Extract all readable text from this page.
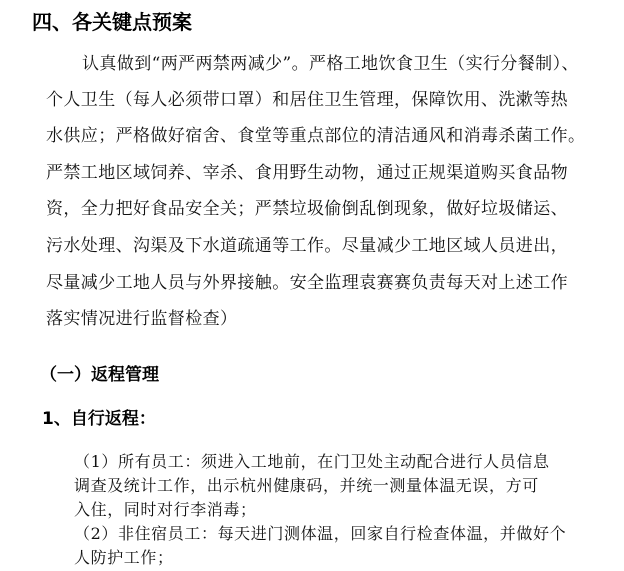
四、各关键点预案

认真做到“两严两禁两减少”。严格工地饮食卫生（实行分餐制）、

个人卫生（每人必须带口罩）和居住卫生管理，保障饮用、洗漱等热

水供应；严格做好宿舍、食堂等重点部位的清洁通风和消毒杀菌工作。

严禁工地区域饲养、宰杀、食用野生动物，通过正规渠道购买食品物

资，全力把好食品安全关；严禁垃圾偷倒乱倒现象，做好垃圾储运、

污水处理、沟渠及下水道疏通等工作。尽量减少工地区域人员进出，

尽量减少工地人员与外界接触。安全监理袁赛赛负责每天对上述工作

落实情况进行监督检查）

（一）返程管理
1、自行返程：

（1）所有员工：须进入工地前，在门卫处主动配合进行人员信息

调查及统计工作，出示杭州健康码，并统一测量体温无误，方可

入住，同时对行李消毒；

（2）非住宿员工：每天进门测体温，回家自行检查体温，并做好个

人防护工作；
